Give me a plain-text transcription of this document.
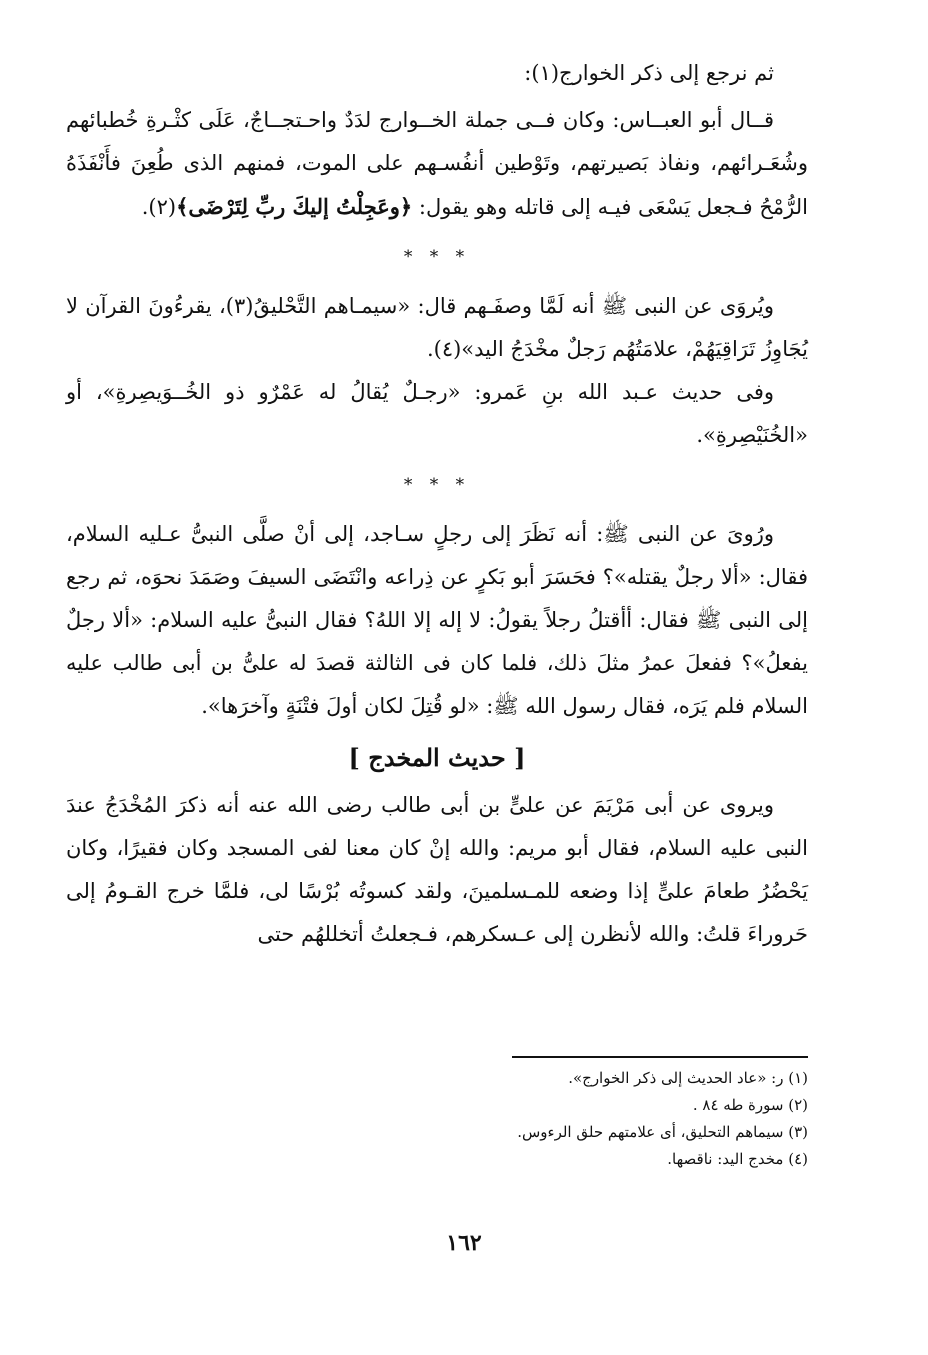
ثم نرجع إلى ذكر الخوارج(١):

قــال أبو العبــاس: وكان فــى جملة الخــوارج لدَدٌ واحـتجــاجٌ، عَلَى كثْـرةِ خُطبائهم وشُعَـرائهم، ونفاذ بَصيرتهم، وتَوْطين أنفُسـهم على الموت، فمنهم الذى طُعِنَ فأَنْفَذَهُ الرُّمْحُ فـجعل يَسْعَى فيـه إلى قاتله وهو يقول: ﴿وعَجِلْتُ إليكَ ربِّ لِتَرْضَى﴾(٢).

* * *

ويُروَى عن النبى ﷺ أنه لَمَّا وصفَـهم قال: «سيمـاهم التَّحْليقُ(٣)، يقرءُونَ القرآن لا يُجَاوِزُ تَرَاقِيَهُمْ، علامَتُهُم رَجلٌ مخْدَجُ اليد»(٤).

وفى حديث عـبد الله بنِ عَمرو: «رجـلٌ يُقالُ له عَمْرٌو ذو الخُــوَيصِرةِ»، أو «الخُنَيْصِرةِ».

* * *

ورُوىَ عن النبى ﷺ: أنه نَظَرَ إلى رجلٍ سـاجد، إلى أنْ صلَّى النبىُّ عـليه السلام، فقال: «ألا رجلٌ يقتله»؟ فحَسَرَ أبو بَكرٍ عن ذِراعه وانْتَضَى السيفَ وصَمَدَ نحوَه، ثم رجع إلى النبى ﷺ فقال: أأقتلُ رجلاً يقولُ: لا إله إلا اللهُ؟ فقال النبىُّ عليه السلام: «ألا رجلٌ يفعلُ»؟ ففعلَ عمرُ مثلَ ذلك، فلما كان فى الثالثة قصدَ له علىُّ بن أبى طالب عليه السلام فلم يَرَه، فقال رسول الله ﷺ: «لو قُتِلَ لكان أولَ فتْنَةٍ وآخرَها».

[ حديث المخدج ]

ويروى عن أبى مَرْيَمَ عن علىٍّ بن أبى طالب رضى الله عنه أنه ذكرَ المُخْدَجُ عندَ النبى عليه السلام، فقال أبو مريم: والله إنْ كان معنا لفى المسجد وكان فقيرًا، وكان يَحْضُرُ طعامَ علىٍّ إذا وضعه للمـسلمينَ، ولقد كسوتُه بُرْسًا لى، فلمَّا خرج القـومُ إلى حَروراءَ قلتُ: والله لأنظرن إلى عـسكرهم، فـجعلتُ أتخللهُم حتى

(١) ر: «عاد الحديث إلى ذكر الخوارج».
(٢) سورة طه ٨٤ .
(٣) سيماهم التحليق، أى علامتهم حلق الرءوس.
(٤) مخدج اليد: ناقصها.
١٦٢
